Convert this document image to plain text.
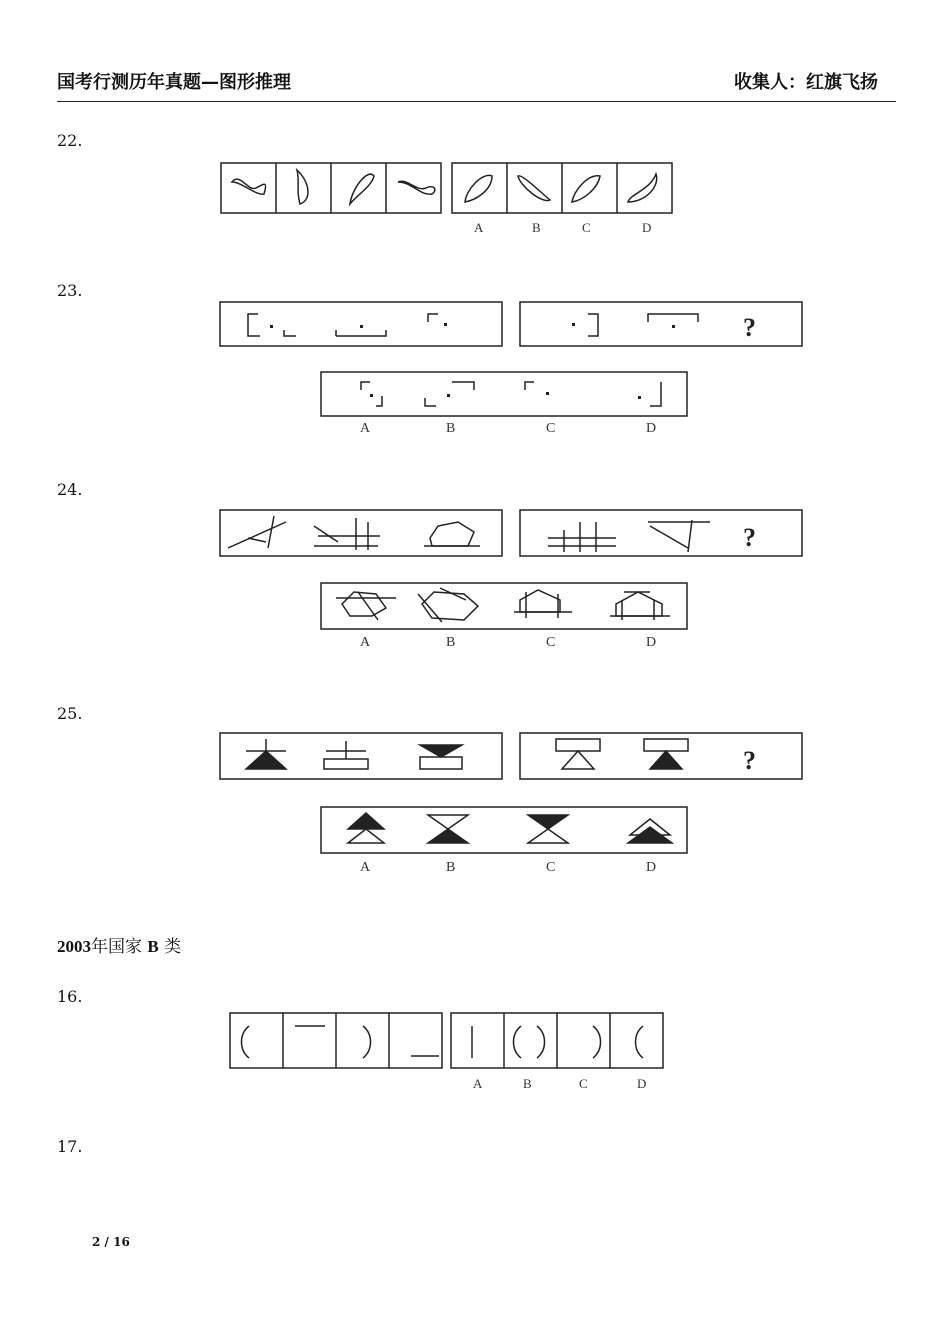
国考行测历年真题—图形推理	收集人：红旗飞扬
22.
A	B	C	D
23.
?
A	B	C	D
24.
?
A	B	C	D
25.
?
A	B	C	D
2003年国家 B 类
16.
A	B	C	D
17.
2 / 16
